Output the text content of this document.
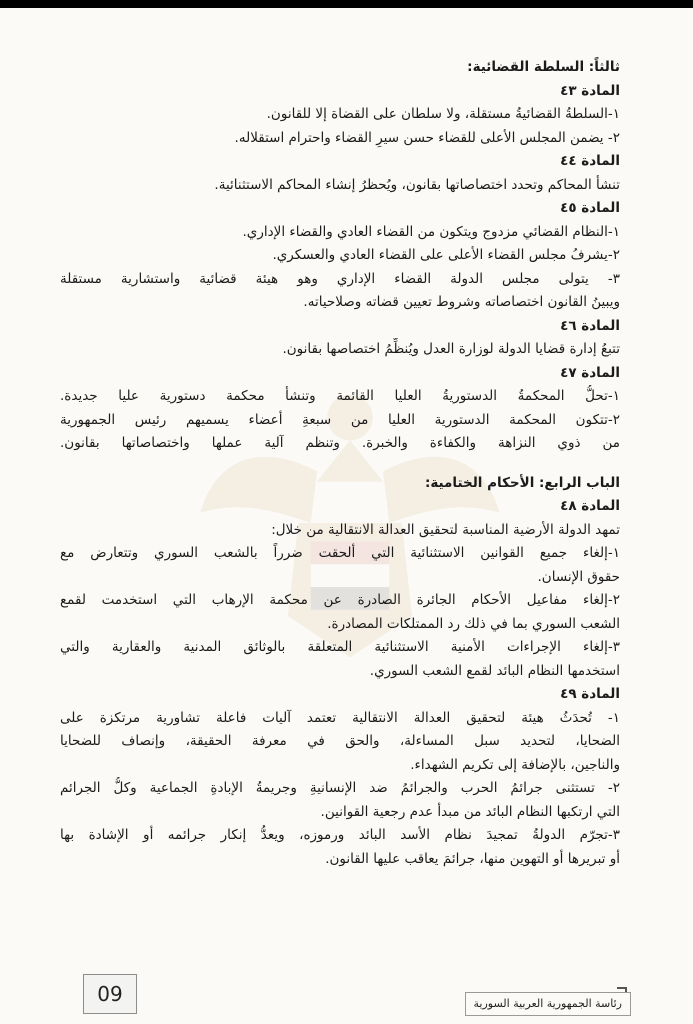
ثالثاً: السلطة القضائية:
المادة ٤٣
١-السلطةُ القضائيةُ مستقلة، ولا سلطان على القضاة إلا للقانون.
٢- يضمن المجلس الأعلى للقضاء حسن سيرِ القضاء واحترام استقلاله.
المادة ٤٤
تنشأ المحاكم وتحدد اختصاصاتها بقانون، ويُحظرُ إنشاء المحاكم الاستثنائية.
المادة ٤٥
١-النظام القضائي مزدوج ويتكون من القضاء العادي والقضاء الإداري.
٢-يشرفُ مجلس القضاء الأعلى على القضاء العادي والعسكري.
٣- يتولى مجلس الدولة القضاء الإداري وهو هيئة قضائية واستشارية مستقلة
ويبينُ القانون اختصاصاته وشروط تعيين قضاته وصلاحياته.
المادة ٤٦
تتبعُ إدارة قضايا الدولة لوزارة العدل ويُنظِّمُ اختصاصها بقانون.
المادة ٤٧
١-تحلُّ المحكمةُ الدستوريةُ العليا القائمة وتنشأ محكمة دستورية عليا جديدة.
٢-تتكون المحكمة الدستورية العليا من سبعةِ أعضاء يسميهم رئيس الجمهورية
من ذوي النزاهة والكفاءة والخبرة. وتنظم آلية عملها واختصاصاتها بقانون.
الباب الرابع: الأحكام الختامية:
المادة ٤٨
تمهد الدولة الأرضية المناسبة لتحقيق العدالة الانتقالية من خلال:
١-إلغاء جميع القوانين الاستثنائية التي ألحقت ضرراً بالشعب السوري وتتعارض مع
حقوق الإنسان.
٢-إلغاء مفاعيل الأحكام الجائرة الصادرة عن محكمة الإرهاب التي استخدمت لقمع
الشعب السوري بما في ذلك رد الممتلكات المصادرة.
٣-إلغاء الإجراءات الأمنية الاستثنائية المتعلقة بالوثائق المدنية والعقارية والتي
استخدمها النظام البائد لقمع الشعب السوري.
المادة ٤٩
١- تُحدَثُ هيئة لتحقيق العدالة الانتقالية تعتمد آليات فاعلة تشاورية مرتكزة على
الضحايا، لتحديد سبل المساءلة، والحق في معرفة الحقيقة، وإنصاف للضحايا
والناجين، بالإضافة إلى تكريم الشهداء.
٢- تستثنى جرائمُ الحرب والجرائمُ ضد الإنسانيةِ وجريمةُ الإبادةِ الجماعية وكلُّ الجرائم
التي ارتكبها النظام البائد من مبدأ عدم رجعية القوانين.
٣-تجرّم الدولةُ تمجيدَ نظام الأسد البائد ورموزه، ويعدُّ إنكار جرائمه أو الإشادة بها
أو تبريرها أو التهوين منها، جرائمَ يعاقب عليها القانون.
09	رئاسة الجمهورية العربية السورية
